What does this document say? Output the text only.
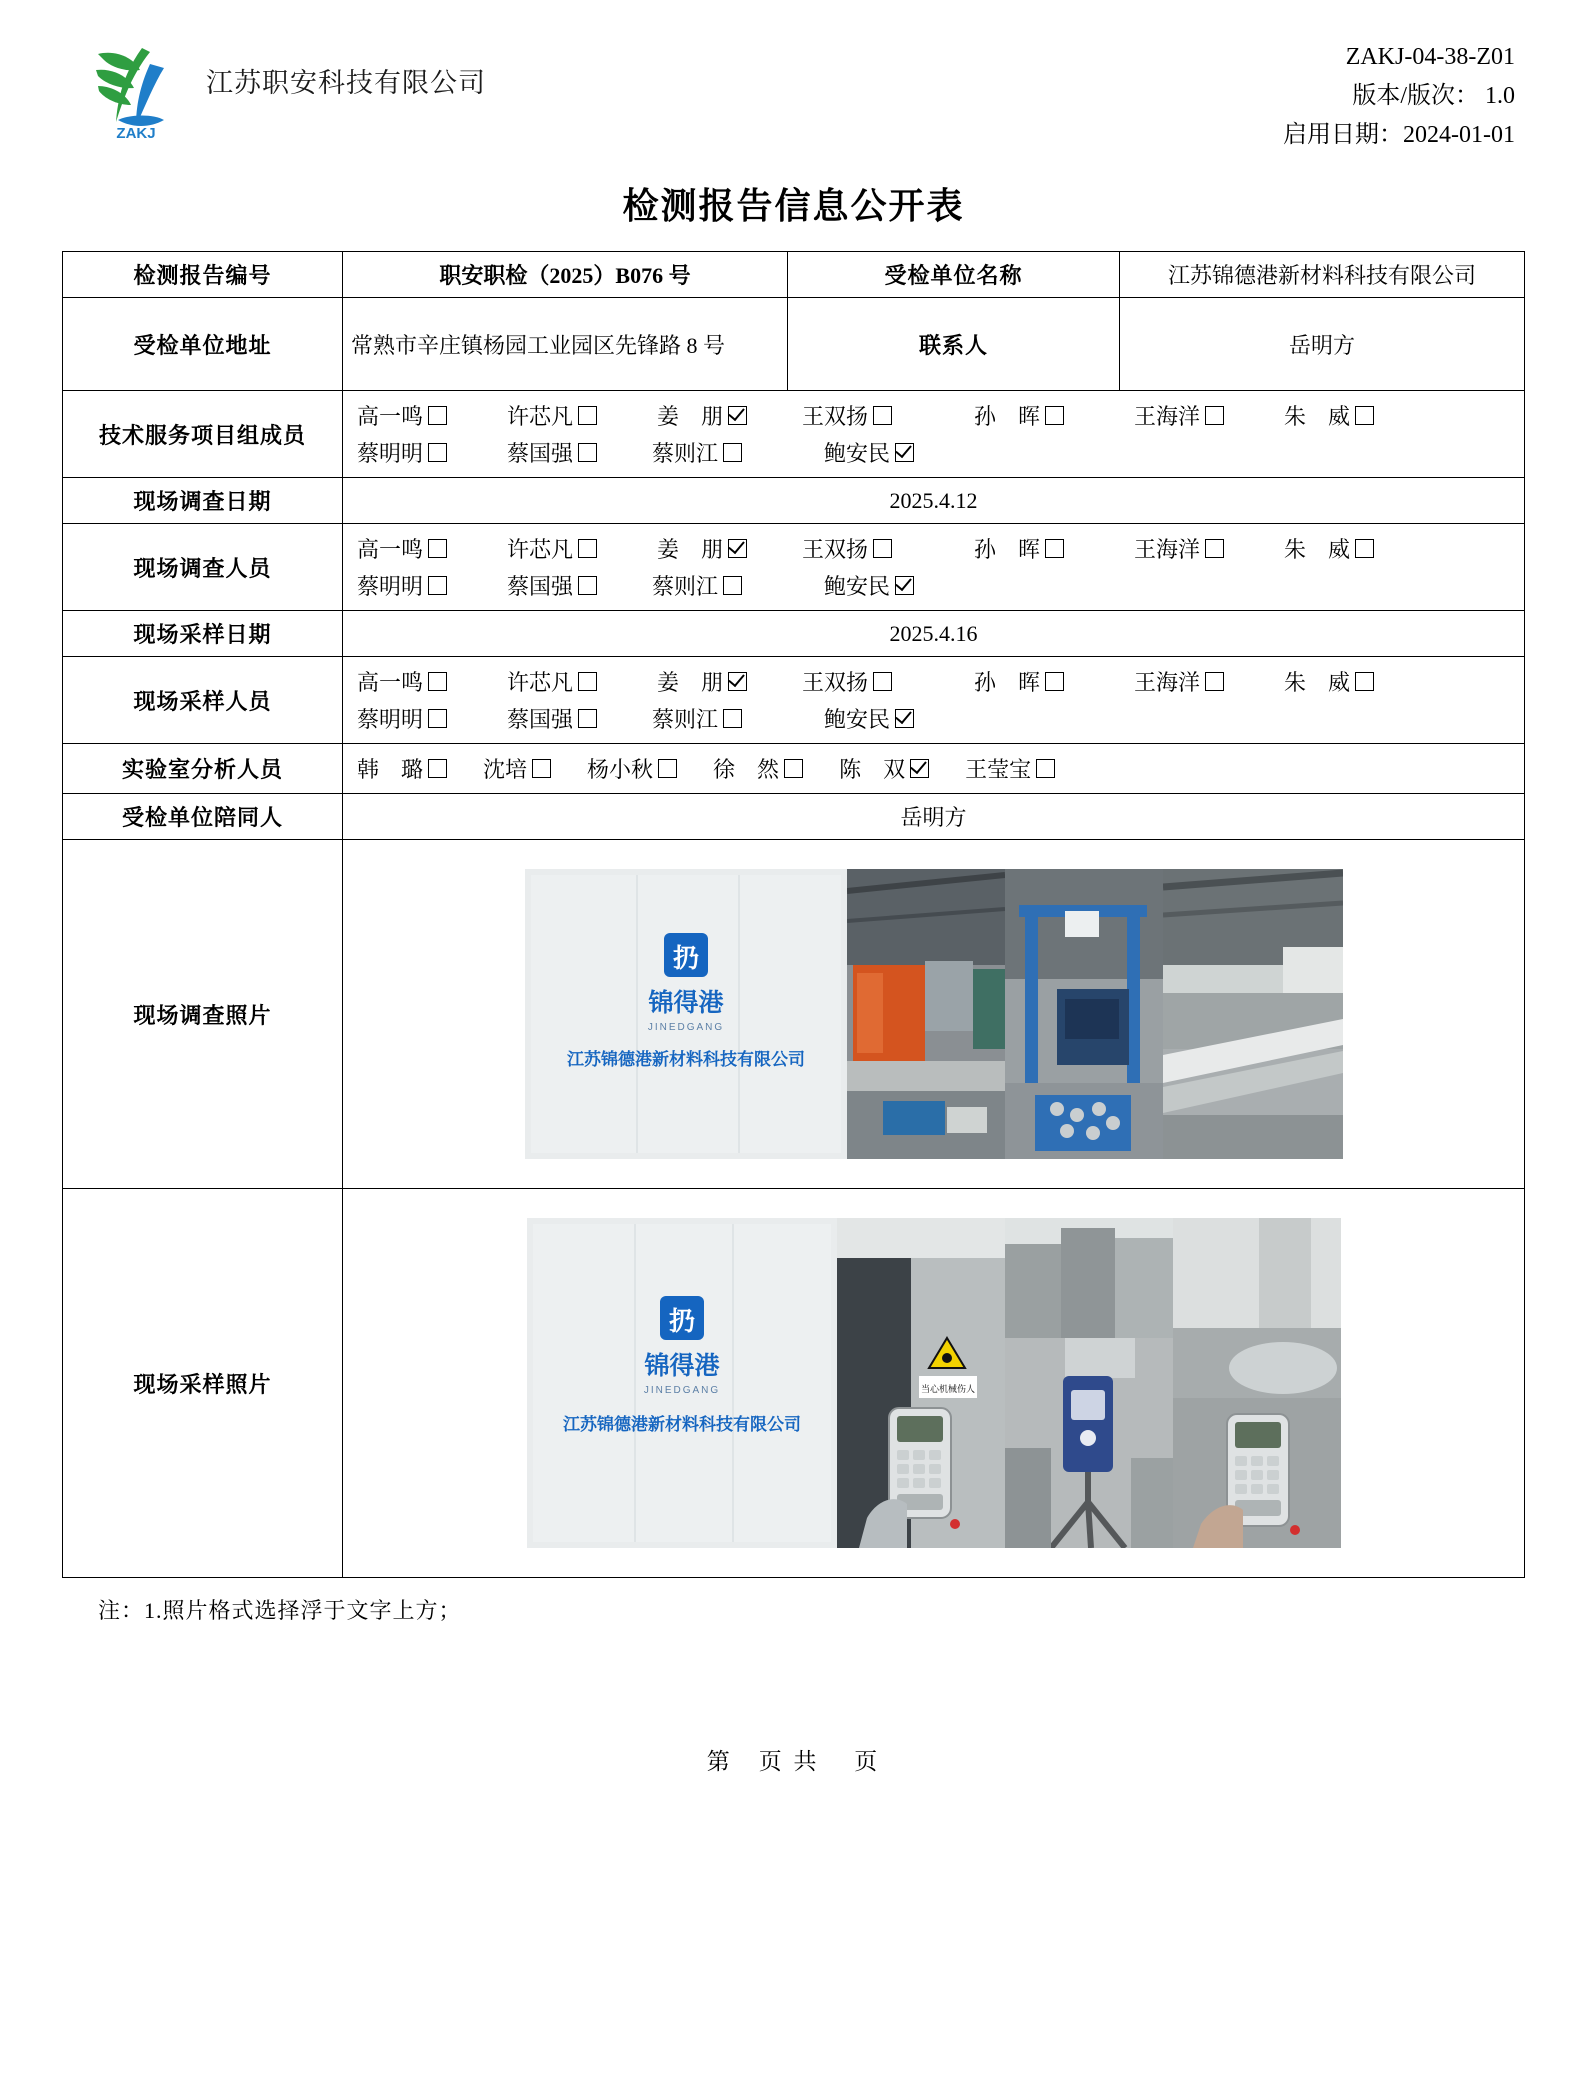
ZAKJ
江苏职安科技有限公司
ZAKJ-04-38-Z01
版本/版次： 1.0
启用日期：2024-01-01
检测报告信息公开表
检测报告编号	职安职检（2025）B076 号	受检单位名称	江苏锦德港新材料科技有限公司
受检单位地址	常熟市辛庄镇杨园工业园区先锋路 8 号	联系人	岳明方
技术服务项目组成员	
高一鸣	许芯凡	姜　朋	王双扬	孙　晖	王海洋	朱　威
蔡明明	蔡国强	蔡则江	鲍安民

现场调查日期	2025.4.12		
现场调查人员	
高一鸣	许芯凡	姜　朋	王双扬	孙　晖	王海洋	朱　威
蔡明明	蔡国强	蔡则江	鲍安民

现场采样日期	2025.4.16		
现场采样人员	
高一鸣	许芯凡	姜　朋	王双扬	孙　晖	王海洋	朱　威
蔡明明	蔡国强	蔡则江	鲍安民

实验室分析人员	韩　璐	沈培	杨小秋	徐　然	陈　双	王莹宝

受检单位陪同人	岳明方		
现场调查照片	扔
锦得港
JINEDGANG
江苏锦德港新材料科技有限公司		

现场采样照片	扔
锦得港
JINEDGANG
江苏锦德港新材料科技有限公司
当心机械伤人		
注：1.照片格式选择浮于文字上方；
第　页 共　 页
